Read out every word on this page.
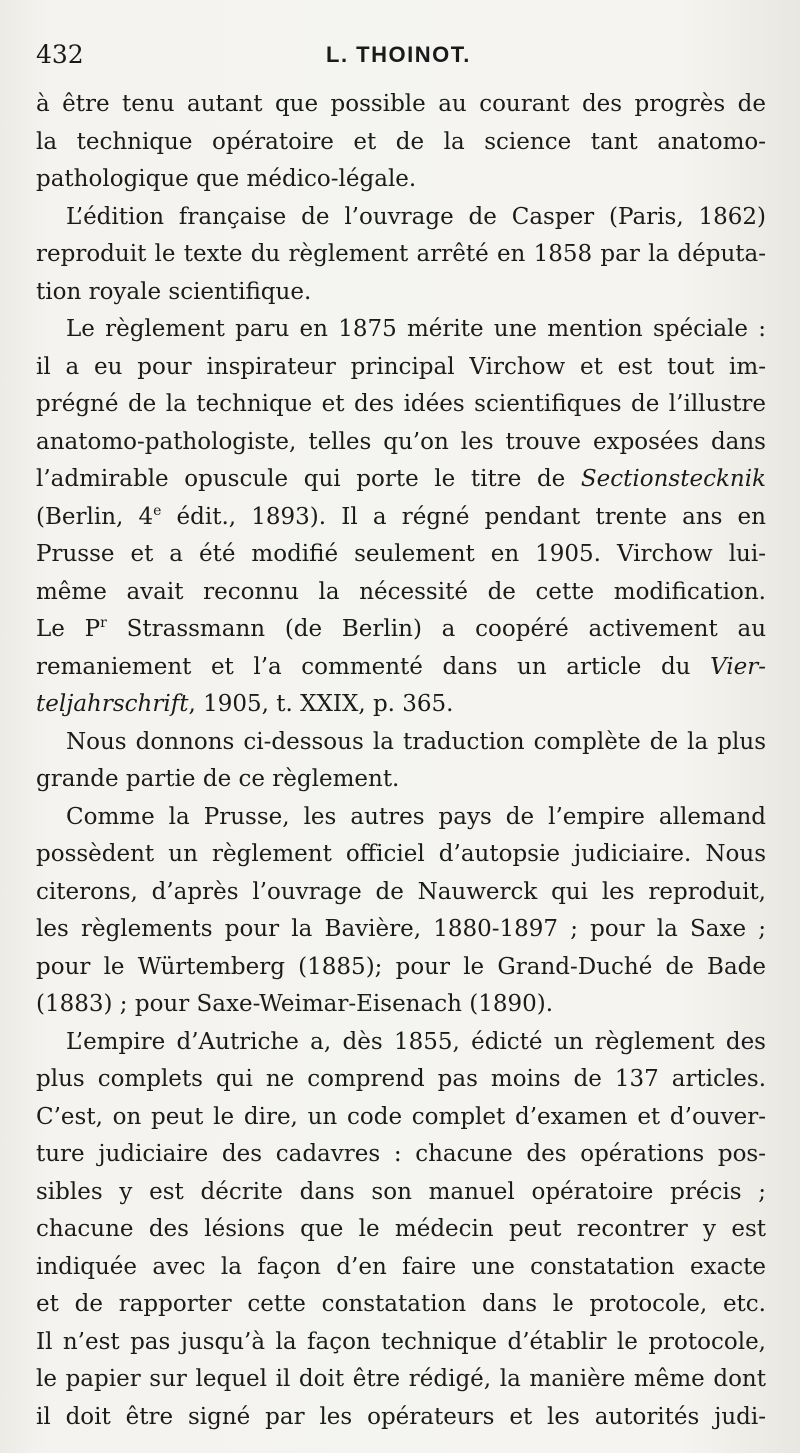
432	L. THOINOT.

à être tenu autant que possible au courant des progrès de
la technique opératoire et de la science tant anatomo-
pathologique que médico-légale.

L’édition française de l’ouvrage de Casper (Paris, 1862)
reproduit le texte du règlement arrêté en 1858 par la députa-
tion royale scientifique.

Le règlement paru en 1875 mérite une mention spéciale :
il a eu pour inspirateur principal Virchow et est tout im-
prégné de la technique et des idées scientifiques de l’illustre
anatomo-pathologiste, telles qu’on les trouve exposées dans
l’admirable opuscule qui porte le titre de Sectionstecknik
(Berlin, 4e édit., 1893). Il a régné pendant trente ans en
Prusse et a été modifié seulement en 1905. Virchow lui-
même avait reconnu la nécessité de cette modification.
Le $P^r$ Strassmann (de Berlin) a coopéré activement au
remaniement et l’a commenté dans un article du Vier-
teljahrschrift, 1905, t. XXIX, p. 365.

Nous donnons ci-dessous la traduction complète de la plus
grande partie de ce règlement.

Comme la Prusse, les autres pays de l’empire allemand
possèdent un règlement officiel d’autopsie judiciaire. Nous
citerons, d’après l’ouvrage de Nauwerck qui les reproduit,
les règlements pour la Bavière, 1880-1897 ; pour la Saxe ;
pour le Würtemberg (1885); pour le Grand-Duché de Bade
(1883) ; pour Saxe-Weimar-Eisenach (1890).

L’empire d’Autriche a, dès 1855, édicté un règlement des
plus complets qui ne comprend pas moins de 137 articles.
C’est, on peut le dire, un code complet d’examen et d’ouver-
ture judiciaire des cadavres : chacune des opérations pos-
sibles y est décrite dans son manuel opératoire précis ;
chacune des lésions que le médecin peut recontrer y est
indiquée avec la façon d’en faire une constatation exacte
et de rapporter cette constatation dans le protocole, etc.
Il n’est pas jusqu’à la façon technique d’établir le protocole,
le papier sur lequel il doit être rédigé, la manière même dont
il doit être signé par les opérateurs et les autorités judi-
